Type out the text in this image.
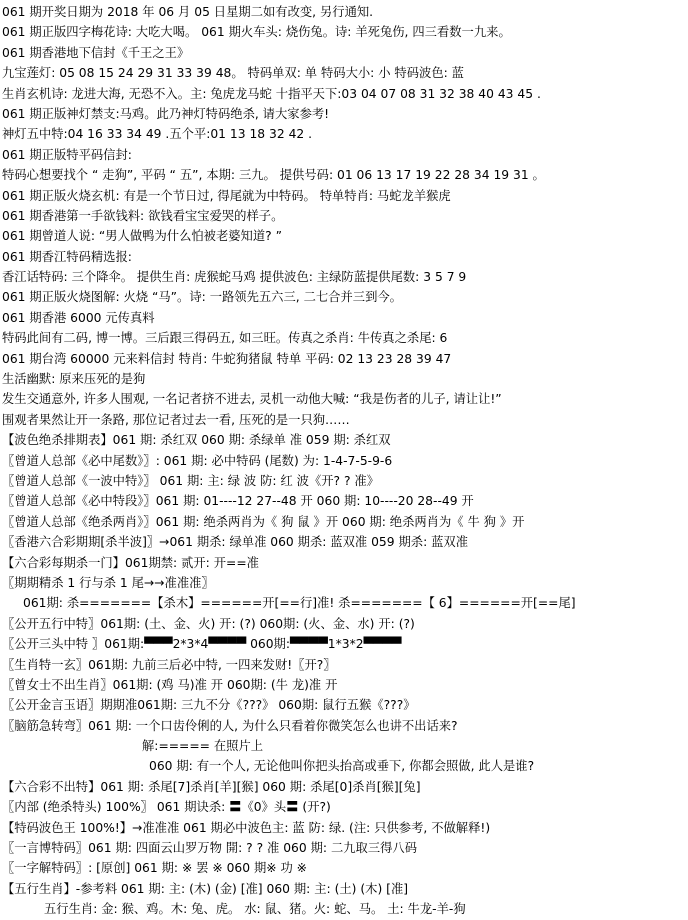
061 期开奖日期为 2018 年 06 月 05 日星期二如有改变, 另行通知.
061 期正版四字梅花诗: 大吃大喝。 061 期火车头: 烧伤兔。诗: 羊死兔伤, 四三看数一九来。
061 期香港地下信封《千王之王》
九宝莲灯: 05 08 15 24 29 31 33 39 48。 特码单双: 单 特码大小: 小 特码波色: 蓝
生肖玄机诗: 龙进大海, 无恐不入。主: 兔虎龙马蛇 十指平天下:03 04 07 08 31 32 38 40 43 45 .
061 期正版神灯禁支:马鸡。此乃神灯特码绝杀, 请大家参考!
神灯五中特:04 16 33 34 49 .五个平:01 13 18 32 42 .
061 期正版特平码信封:
特码心想要找个 “ 走狗”, 平码 “ 五”, 本期: 三九。 提供号码: 01 06 13 17 19 22 28 34 19 31 。
061 期正版火烧玄机: 有是一个节日过, 得尾就为中特码。 特单特肖: 马蛇龙羊猴虎
061 期香港第一手欲钱料: 欲钱看宝宝爱哭的样子。
061 期曾道人说: “男人做鸭为什么怕被老婆知道? ”
061 期香江特码精选报:
香江话特码: 三个降伞。 提供生肖: 虎猴蛇马鸡 提供波色: 主绿防蓝提供尾数: 3 5 7 9
061 期正版火烧图解: 火烧 “马”。诗: 一路领先五六三, 二七合并三到今。
061 期香港 6000 元传真料
特码此间有二码, 博一博。三后跟三得码五, 如三旺。传真之杀肖: 牛传真之杀尾: 6
061 期台湾 60000 元来料信封 特肖: 牛蛇狗猪鼠 特单 平码: 02 13 23 28 39 47
生活幽默: 原来压死的是狗
发生交通意外, 许多人围观, 一名记者挤不进去, 灵机一动他大喊: “我是伤者的儿子, 请让让!”
围观者果然让开一条路, 那位记者过去一看, 压死的是一只狗……
【波色绝杀排期表】061 期: 杀红双 060 期: 杀绿单 准 059 期: 杀红双
〖曾道人总部《必中尾数》〗: 061 期: 必中特码 (尾数) 为: 1-4-7-5-9-6
〖曾道人总部《一波中特》〗 061 期: 主: 绿 波 防: 红 波《开? ? 准》
〖曾道人总部《必中特段》〗061 期: 01----12 27--48 开 060 期: 10----20 28--49 开
〖曾道人总部《绝杀两肖》〗061 期: 绝杀两肖为《 狗 鼠 》开 060 期: 绝杀两肖为《 牛 狗 》开
〖香港六合彩期期[杀半波]〗→061 期杀: 绿单准 060 期杀: 蓝双准 059 期杀: 蓝双准
【六合彩每期杀一门】061期禁: 贰开: 开==准
〖期期精杀 1 行与杀 1 尾→→准准准〗
061期: 杀=======【杀木】======开[==行]准! 杀=======【 6】======开[==尾]
〖公开五行中特〗061期: (土、金、火) 开: (?) 060期: (火、金、水) 开: (?)
〖公开三头中特 〗061期:▀▀▀2*3*4▀▀▀▀ 060期:▀▀▀▀1*3*2▀▀▀▀
〖生肖特一玄〗061期: 九前三后必中特, 一四来发财!〖开?〗
〖曾女士不出生肖〗061期: (鸡 马)准 开 060期: (牛 龙)准 开
〖公开金言玉语〗期期准061期: 三九不分《???》 060期: 鼠行五猴《???》
〖脑筋急转弯〗061 期: 一个口齿伶俐的人, 为什么只看着你微笑怎么也讲不出话来?
解:===== 在照片上
060 期: 有一个人, 无论他叫你把头抬高或垂下, 你都会照做, 此人是谁?
【六合彩不出特】061 期: 杀尾[7]杀肖[羊][猴] 060 期: 杀尾[0]杀肖[猴][兔]
〖内部 (绝杀特头) 100%〗 061 期诀杀: 〓《0》头〓 (开?)
【特码波色王 100%!】→准准准 061 期必中波色主: 蓝 防: 绿. (注: 只供参考, 不做解释!)
〖一言博特码〗061 期: 四面云山罗万物 開: ? ? 准 060 期: 二九取三得八码
〖一字解特码〗: [原创] 061 期: ※ 罢 ※ 060 期※ 功 ※
【五行生肖】-参考料 061 期: 主: (木) (金) [准] 060 期: 主: (土) (木) [准]
五行生肖: 金: 猴、鸡。木: 兔、虎。 水: 鼠、猪。火: 蛇、马。 土: 牛龙-羊-狗
